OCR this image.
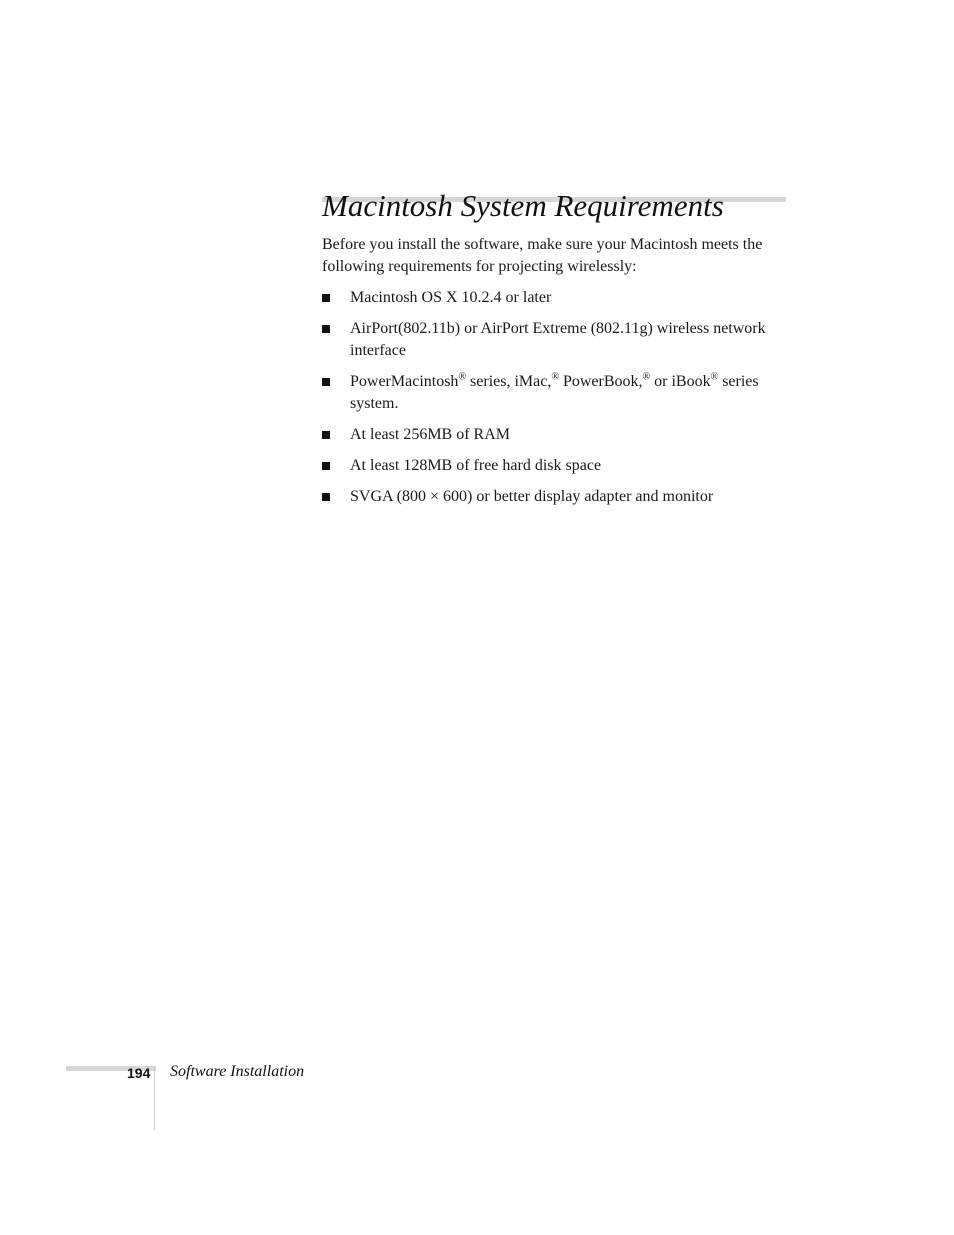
Macintosh System Requirements

Before you install the software, make sure your Macintosh meets the following requirements for projecting wirelessly:

Macintosh OS X 10.2.4 or later
AirPort(802.11b) or AirPort Extreme (802.11g) wireless network interface
PowerMacintosh® series, iMac,® PowerBook,® or iBook® series system.
At least 256MB of RAM
At least 128MB of free hard disk space
SVGA (800 × 600) or better display adapter and monitor
194 Software Installation
